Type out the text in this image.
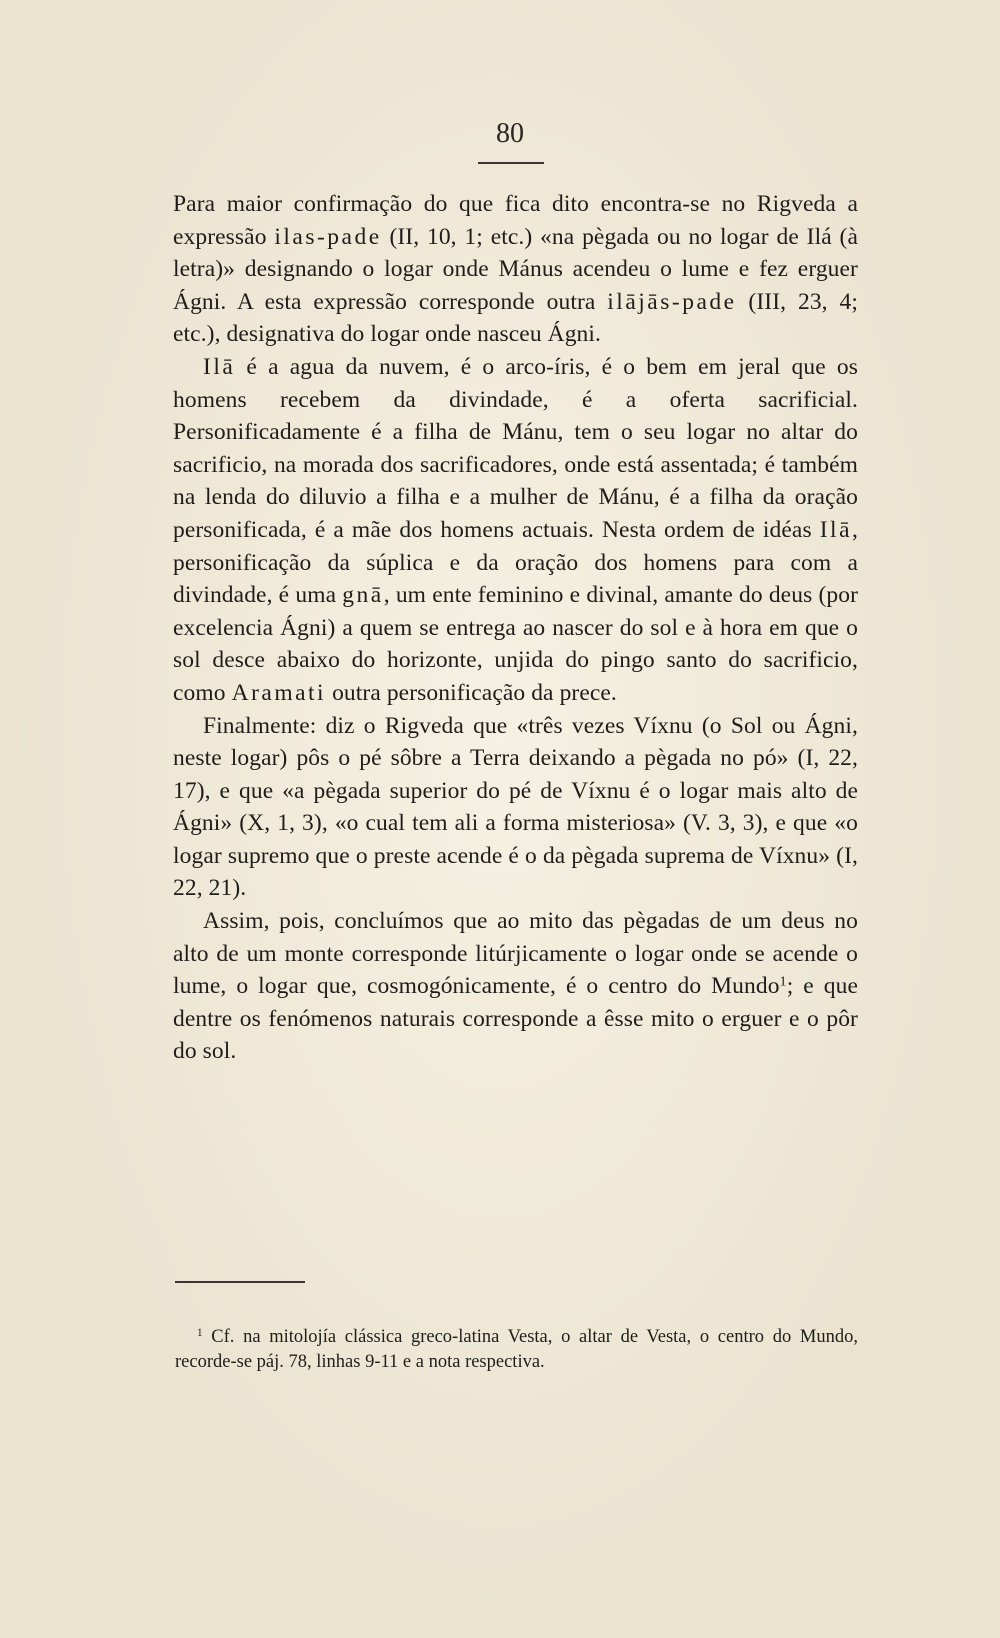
80

Para maior confirmação do que fica dito encontra-se no Rigveda a expressão ilas-pade (II, 10, 1; etc.) «na pègada ou no logar de Ilá (à letra)» designando o logar onde Mánus acendeu o lume e fez erguer Ágni. A esta expressão corresponde outra ilājās-pade (III, 23, 4; etc.), designativa do logar onde nasceu Ágni.

Ilā é a agua da nuvem, é o arco-íris, é o bem em jeral que os homens recebem da divindade, é a oferta sacrificial. Personificadamente é a filha de Mánu, tem o seu logar no altar do sacrificio, na morada dos sacrificadores, onde está assentada; é também na lenda do diluvio a filha e a mulher de Mánu, é a filha da oração personificada, é a mãe dos homens actuais. Nesta ordem de idéas Ilā, personificação da súplica e da oração dos homens para com a divindade, é uma gnā, um ente feminino e divinal, amante do deus (por excelencia Ágni) a quem se entrega ao nascer do sol e à hora em que o sol desce abaixo do horizonte, unjida do pingo santo do sacrificio, como Aramati outra personificação da prece.

Finalmente: diz o Rigveda que «três vezes Víxnu (o Sol ou Ágni, neste logar) pôs o pé sôbre a Terra deixando a pègada no pó» (I, 22, 17), e que «a pègada superior do pé de Víxnu é o logar mais alto de Ágni» (X, 1, 3), «o cual tem ali a forma misteriosa» (V. 3, 3), e que «o logar supremo que o preste acende é o da pègada suprema de Víxnu» (I, 22, 21).

Assim, pois, concluímos que ao mito das pègadas de um deus no alto de um monte corresponde litúrjicamente o logar onde se acende o lume, o logar que, cosmogónicamente, é o centro do Mundo$^1$; e que dentre os fenómenos naturais corresponde a êsse mito o erguer e o pôr do sol.

$^1$ Cf. na mitolojía clássica greco-latina Vesta, o altar de Vesta, o centro do Mundo, recorde-se páj. 78, linhas 9-11 e a nota respectiva.
